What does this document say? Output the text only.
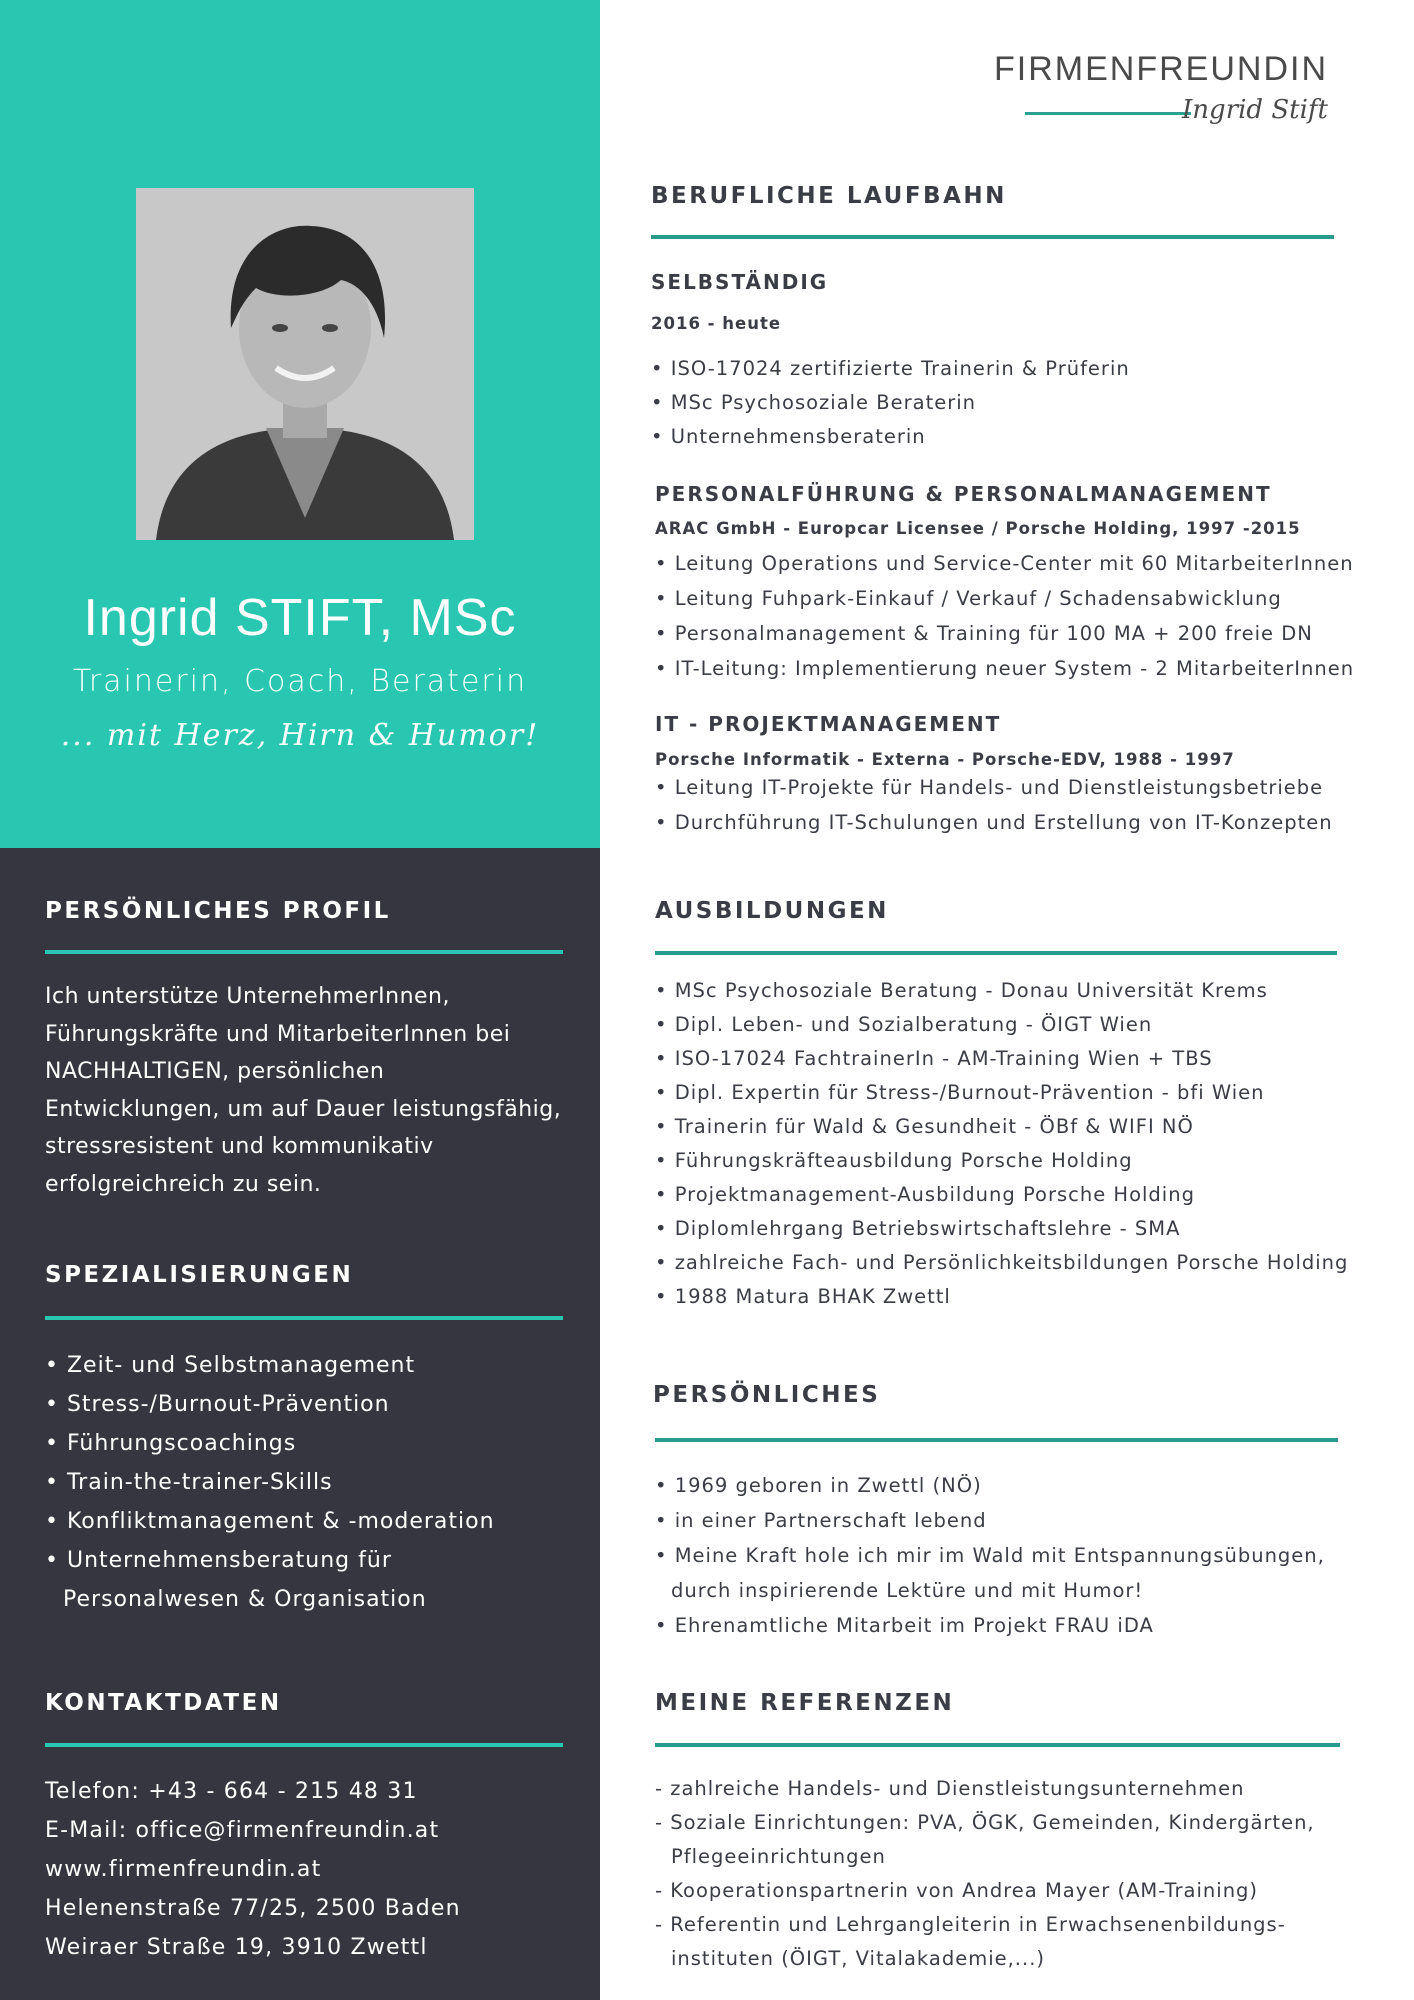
Ingrid STIFT, MSc
Trainerin, Coach, Beraterin
... mit Herz, Hirn & Humor!
PERSÖNLICHES PROFIL
Ich unterstütze UnternehmerInnen,
Führungskräfte und MitarbeiterInnen bei
NACHHALTIGEN, persönlichen
Entwicklungen, um auf Dauer leistungsfähig,
stressresistent und kommunikativ
erfolgreichreich zu sein.
SPEZIALISIERUNGEN
• Zeit- und Selbstmanagement
• Stress-/Burnout-Prävention
• Führungscoachings
• Train-the-trainer-Skills
• Konfliktmanagement & -moderation
• Unternehmensberatung für
Personalwesen & Organisation
KONTAKTDATEN
Telefon: +43 - 664 - 215 48 31
E-Mail: office@firmenfreundin.at
www.firmenfreundin.at
Helenenstraße 77/25, 2500 Baden
Weiraer Straße 19, 3910 Zwettl
FIRMENFREUNDIN
Ingrid Stift
BERUFLICHE LAUFBAHN
SELBSTÄNDIG
2016 - heute
• ISO-17024 zertifizierte Trainerin & Prüferin
• MSc Psychosoziale Beraterin
• Unternehmensberaterin
PERSONALFÜHRUNG & PERSONALMANAGEMENT
ARAC GmbH - Europcar Licensee / Porsche Holding, 1997 -2015
• Leitung Operations und Service-Center mit 60 MitarbeiterInnen
• Leitung Fuhpark-Einkauf / Verkauf / Schadensabwicklung
• Personalmanagement & Training für 100 MA + 200 freie DN
• IT-Leitung: Implementierung neuer System - 2 MitarbeiterInnen
IT - PROJEKTMANAGEMENT
Porsche Informatik - Externa - Porsche-EDV, 1988 - 1997
• Leitung IT-Projekte für Handels- und Dienstleistungsbetriebe
• Durchführung IT-Schulungen und Erstellung von IT-Konzepten
AUSBILDUNGEN
• MSc Psychosoziale Beratung - Donau Universität Krems
• Dipl. Leben- und Sozialberatung - ÖIGT Wien
• ISO-17024 FachtrainerIn - AM-Training Wien + TBS
• Dipl. Expertin für Stress-/Burnout-Prävention - bfi Wien
• Trainerin für Wald & Gesundheit - ÖBf & WIFI NÖ
• Führungskräfteausbildung Porsche Holding
• Projektmanagement-Ausbildung Porsche Holding
• Diplomlehrgang Betriebswirtschaftslehre - SMA
• zahlreiche Fach- und Persönlichkeitsbildungen Porsche Holding
• 1988 Matura BHAK Zwettl
PERSÖNLICHES
• 1969 geboren in Zwettl (NÖ)
• in einer Partnerschaft lebend
• Meine Kraft hole ich mir im Wald mit Entspannungsübungen,
durch inspirierende Lektüre und mit Humor!
• Ehrenamtliche Mitarbeit im Projekt FRAU iDA
MEINE REFERENZEN
- zahlreiche Handels- und Dienstleistungsunternehmen
- Soziale Einrichtungen: PVA, ÖGK, Gemeinden, Kindergärten,
Pflegeeinrichtungen
- Kooperationspartnerin von Andrea Mayer (AM-Training)
- Referentin und Lehrgangleiterin in Erwachsenenbildungs-
instituten (ÖIGT, Vitalakademie,...)
